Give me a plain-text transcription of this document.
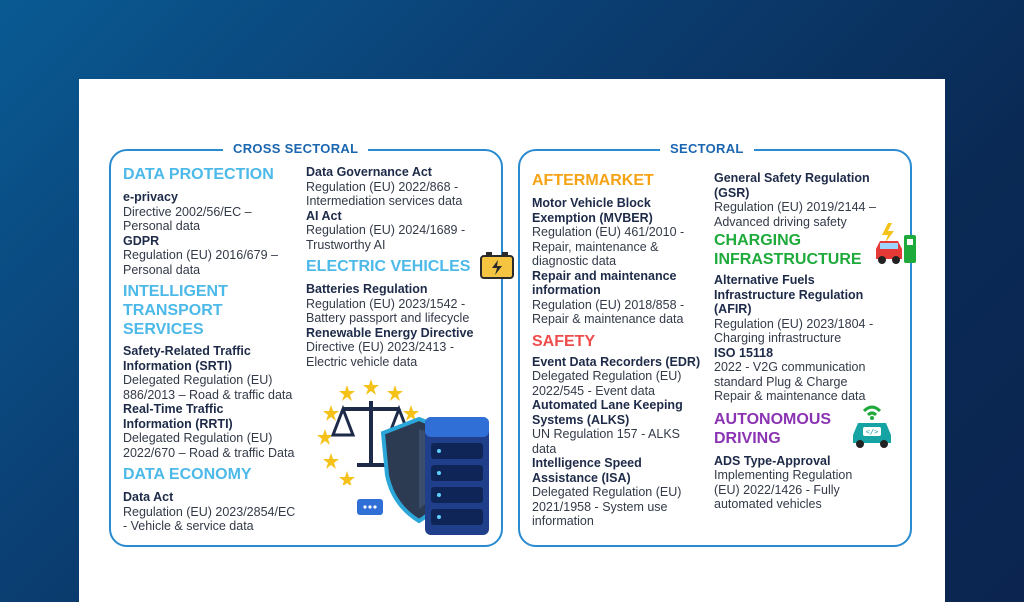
CROSS SECTORAL
DATA PROTECTION
e-privacy
Directive 2002/56/EC –
Personal data
GDPR
Regulation (EU) 2016/679 –
Personal data
INTELLIGENT
TRANSPORT
SERVICES
Safety-Related Traffic
Information (SRTI)
Delegated Regulation (EU)
886/2013 – Road & traffic data
Real-Time Traffic
Information (RRTI)
Delegated Regulation (EU)
2022/670 – Road & traffic Data
DATA ECONOMY
Data Act
Regulation (EU) 2023/2854/EC
- Vehicle & service data
Data Governance Act
Regulation (EU) 2022/868 -
Intermediation services data
AI Act
Regulation (EU) 2024/1689 -
Trustworthy AI
ELECTRIC VEHICLES
Batteries Regulation
Regulation (EU) 2023/1542 -
Battery passport and lifecycle
Renewable Energy Directive
Directive (EU) 2023/2413 -
Electric vehicle data
SECTORAL
AFTERMARKET
Motor Vehicle Block
Exemption (MVBER)
Regulation (EU) 461/2010 -
Repair, maintenance &
diagnostic data
Repair and maintenance
information
Regulation (EU) 2018/858 -
Repair & maintenance data
SAFETY
Event Data Recorders (EDR)
Delegated Regulation (EU)
2022/545 - Event data
Automated Lane Keeping
Systems (ALKS)
UN Regulation 157 - ALKS
data
Intelligence Speed
Assistance (ISA)
Delegated Regulation (EU)
2021/1958 - System use
information
General Safety Regulation
(GSR)
Regulation (EU) 2019/2144 –
Advanced driving safety
CHARGING
INFRASTRUCTURE
Alternative Fuels
Infrastructure Regulation
(AFIR)
Regulation (EU) 2023/1804 -
Charging infrastructure
ISO 15118
2022 - V2G communication
standard Plug & Charge
Repair & maintenance data
AUTONOMOUS
DRIVING
ADS Type-Approval
Implementing Regulation
(EU) 2022/1426 - Fully
automated vehicles
</>
